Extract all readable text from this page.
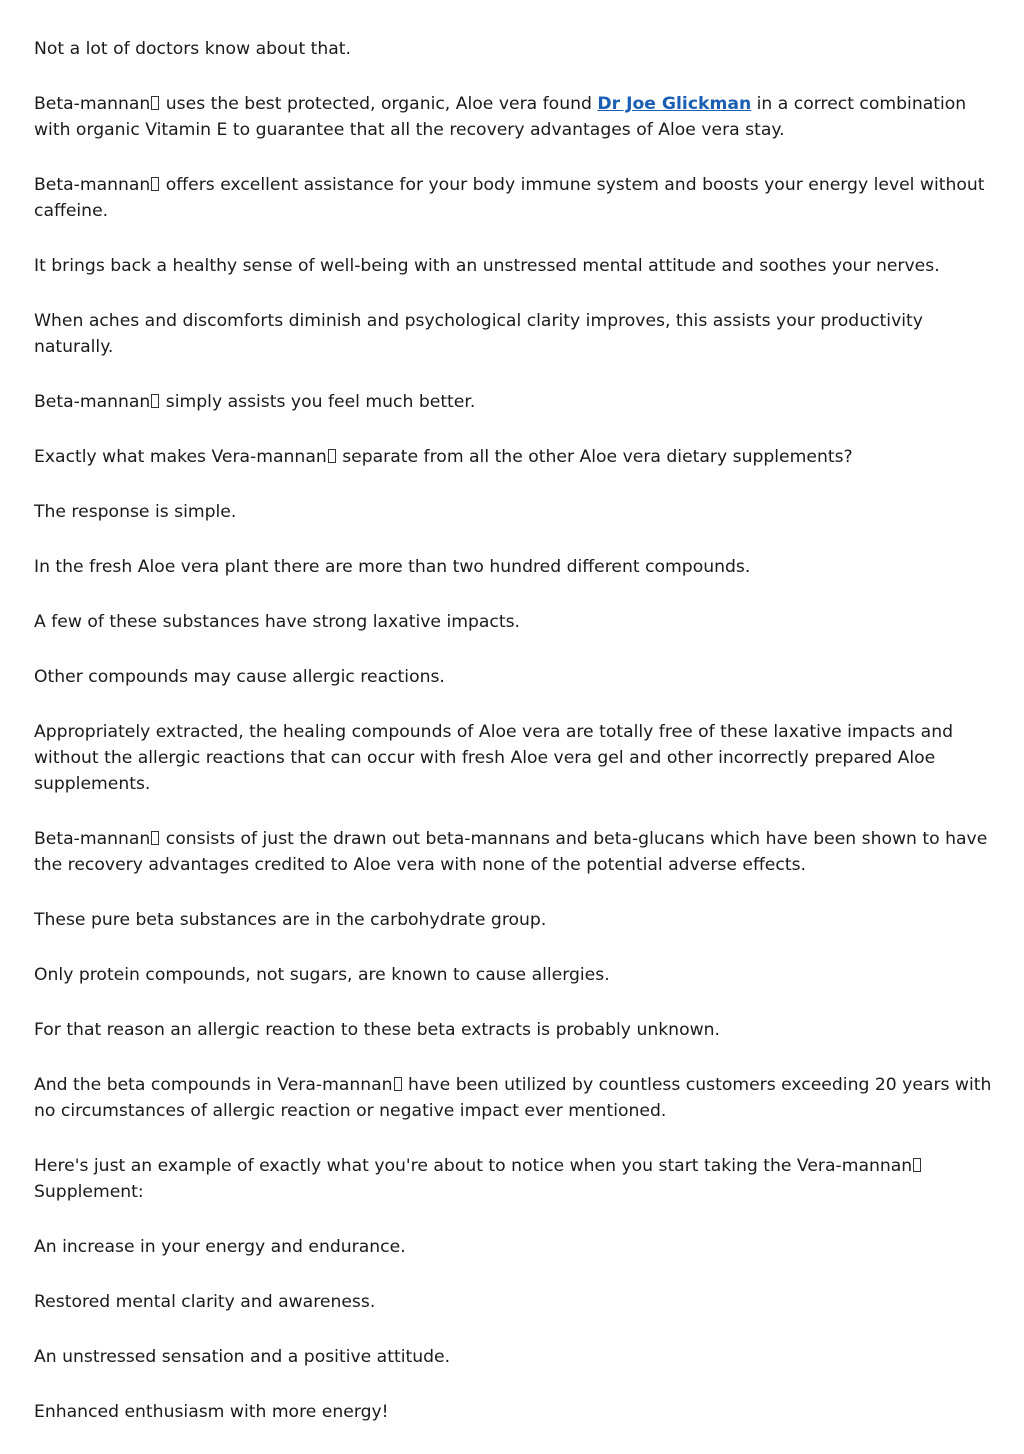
Not a lot of doctors know about that.

Beta-mannan uses the best protected, organic, Aloe vera found Dr Joe Glickman in a correct combination with organic Vitamin E to guarantee that all the recovery advantages of Aloe vera stay.

Beta-mannan offers excellent assistance for your body immune system and boosts your energy level without caffeine.

It brings back a healthy sense of well-being with an unstressed mental attitude and soothes your nerves.

When aches and discomforts diminish and psychological clarity improves, this assists your productivity naturally.

Beta-mannan simply assists you feel much better.

Exactly what makes Vera-mannan separate from all the other Aloe vera dietary supplements?

The response is simple.

In the fresh Aloe vera plant there are more than two hundred different compounds.

A few of these substances have strong laxative impacts.

Other compounds may cause allergic reactions.

Appropriately extracted, the healing compounds of Aloe vera are totally free of these laxative impacts and without the allergic reactions that can occur with fresh Aloe vera gel and other incorrectly prepared Aloe supplements.

Beta-mannan consists of just the drawn out beta-mannans and beta-glucans which have been shown to have the recovery advantages credited to Aloe vera with none of the potential adverse effects.

These pure beta substances are in the carbohydrate group.

Only protein compounds, not sugars, are known to cause allergies.

For that reason an allergic reaction to these beta extracts is probably unknown.

And the beta compounds in Vera-mannan have been utilized by countless customers exceeding 20 years with no circumstances of allergic reaction or negative impact ever mentioned.

Here's just an example of exactly what you're about to notice when you start taking the Vera-mannan
Supplement:

An increase in your energy and endurance.

Restored mental clarity and awareness.

An unstressed sensation and a positive attitude.

Enhanced enthusiasm with more energy!
